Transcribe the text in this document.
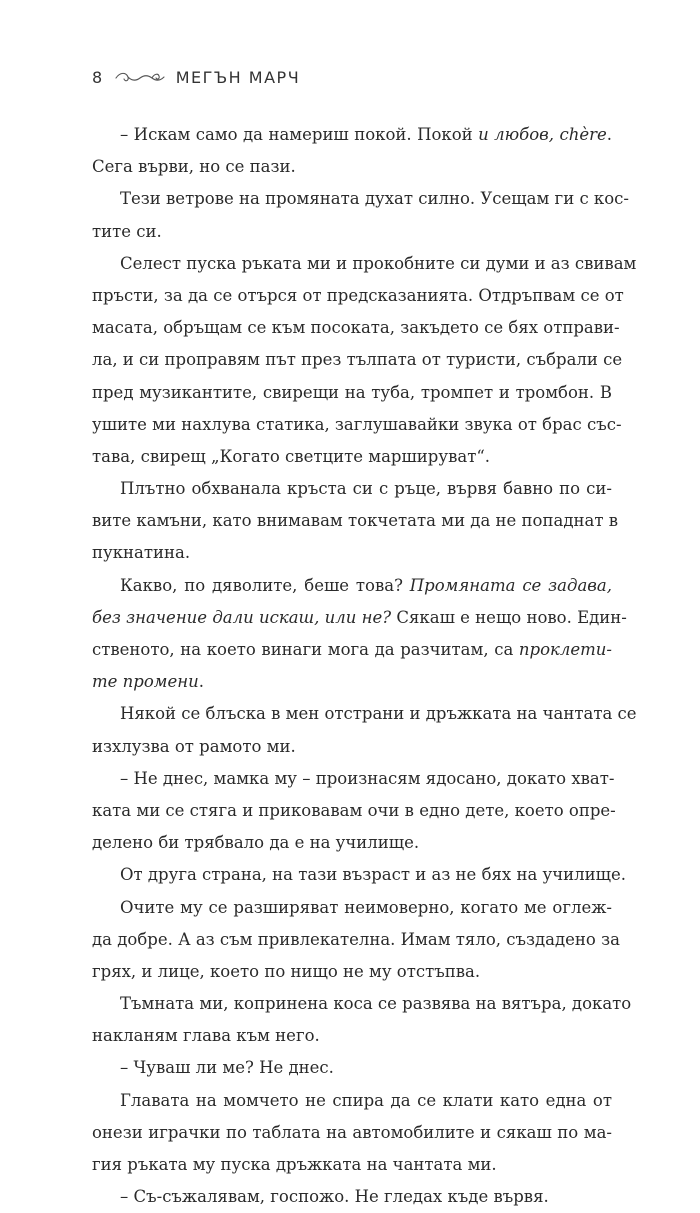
8	МЕГЪН МАРЧ
– Искам само да намериш покой. Покой и любов, chère.
Сега върви, но се пази.
Тези ветрове на промяната духат силно. Усещам ги с кос-
тите си.
Селест пуска ръката ми и прокобните си думи и аз свивам
пръсти, за да се отърся от предсказанията. Отдръпвам се от
масата, обръщам се към посоката, закъдето се бях отправи-
ла, и си проправям път през тълпата от туристи, събрали се
пред музикантите, свирещи на туба, тромпет и тромбон. В
ушите ми нахлува статика, заглушавайки звука от брас със-
тава, свирещ „Когато светците маршируват“.
Плътно обхванала кръста си с ръце, вървя бавно по си-
вите камъни, като внимавам токчетата ми да не попаднат в
пукнатина.
Какво, по дяволите, беше това? Промяната се задава,
без значение дали искаш, или не? Сякаш е нещо ново. Един-
ственото, на което винаги мога да разчитам, са проклети-
те промени.
Някой се блъска в мен отстрани и дръжката на чантата се
изхлузва от рамото ми.
– Не днес, мамка му – произнасям ядосано, докато хват-
ката ми се стяга и приковавам очи в едно дете, което опре-
делено би трябвало да е на училище.
От друга страна, на тази възраст и аз не бях на училище.
Очите му се разширяват неимоверно, когато ме оглеж-
да добре. А аз съм привлекателна. Имам тяло, създадено за
грях, и лице, което по нищо не му отстъпва.
Тъмната ми, копринена коса се развява на вятъра, докато
накланям глава към него.
– Чуваш ли ме? Не днес.
Главата на момчето не спира да се клати като една от
онези играчки по таблата на автомобилите и сякаш по ма-
гия ръката му пуска дръжката на чантата ми.
– Съ-съжалявам, госпожо. Не гледах къде вървя.
